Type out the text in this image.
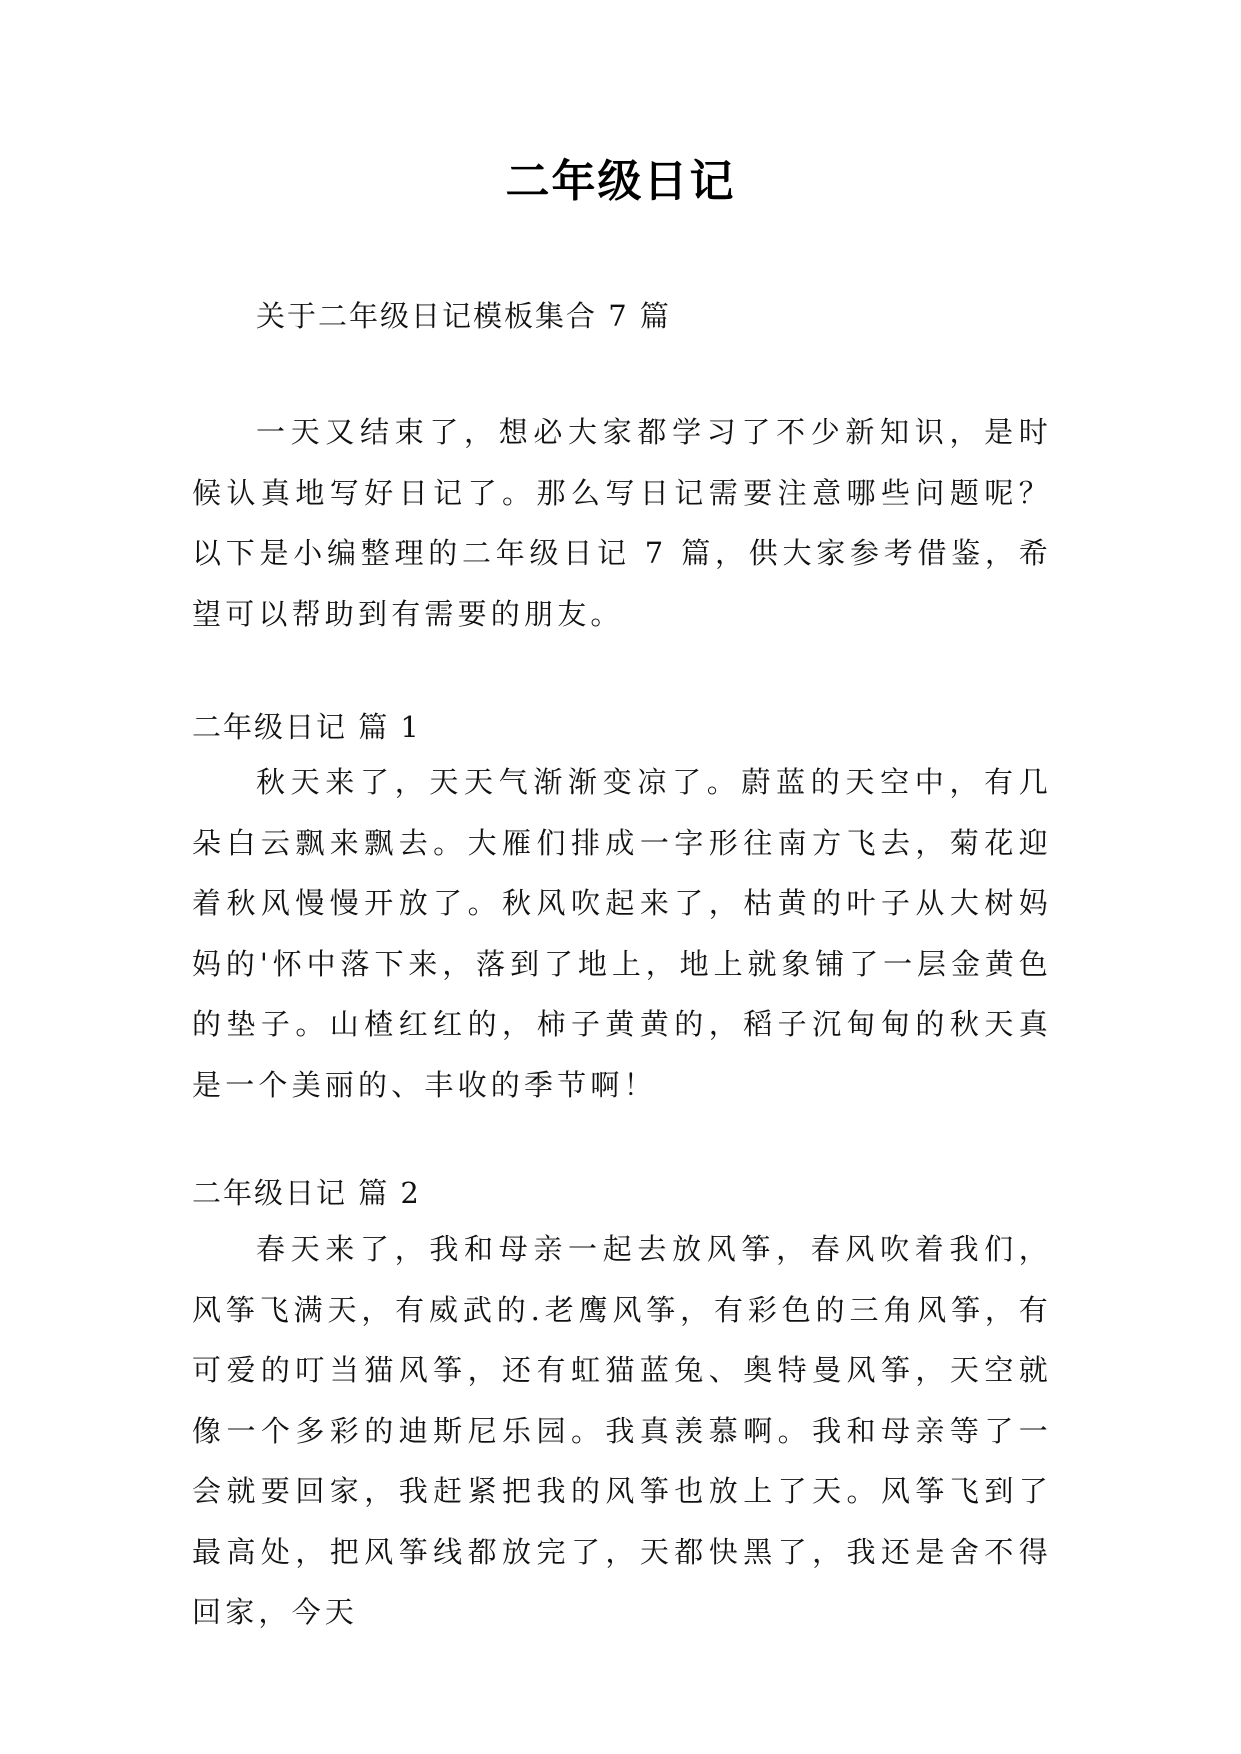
二年级日记
关于二年级日记模板集合 7 篇

一天又结束了，想必大家都学习了不少新知识，是时候认真地写好日记了。那么写日记需要注意哪些问题呢？以下是小编整理的二年级日记 7 篇，供大家参考借鉴，希望可以帮助到有需要的朋友。

二年级日记 篇 1

秋天来了，天天气渐渐变凉了。蔚蓝的天空中，有几朵白云飘来飘去。大雁们排成一字形往南方飞去，菊花迎着秋风慢慢开放了。秋风吹起来了，枯黄的叶子从大树妈妈的'怀中落下来，落到了地上，地上就象铺了一层金黄色的垫子。山楂红红的，柿子黄黄的，稻子沉甸甸的秋天真是一个美丽的、丰收的季节啊！

二年级日记 篇 2

春天来了，我和母亲一起去放风筝，春风吹着我们，风筝飞满天，有威武的.老鹰风筝，有彩色的三角风筝，有可爱的叮当猫风筝，还有虹猫蓝兔、奥特曼风筝，天空就像一个多彩的迪斯尼乐园。我真羡慕啊。我和母亲等了一会就要回家，我赶紧把我的风筝也放上了天。风筝飞到了最高处，把风筝线都放完了，天都快黑了，我还是舍不得回家，今天
